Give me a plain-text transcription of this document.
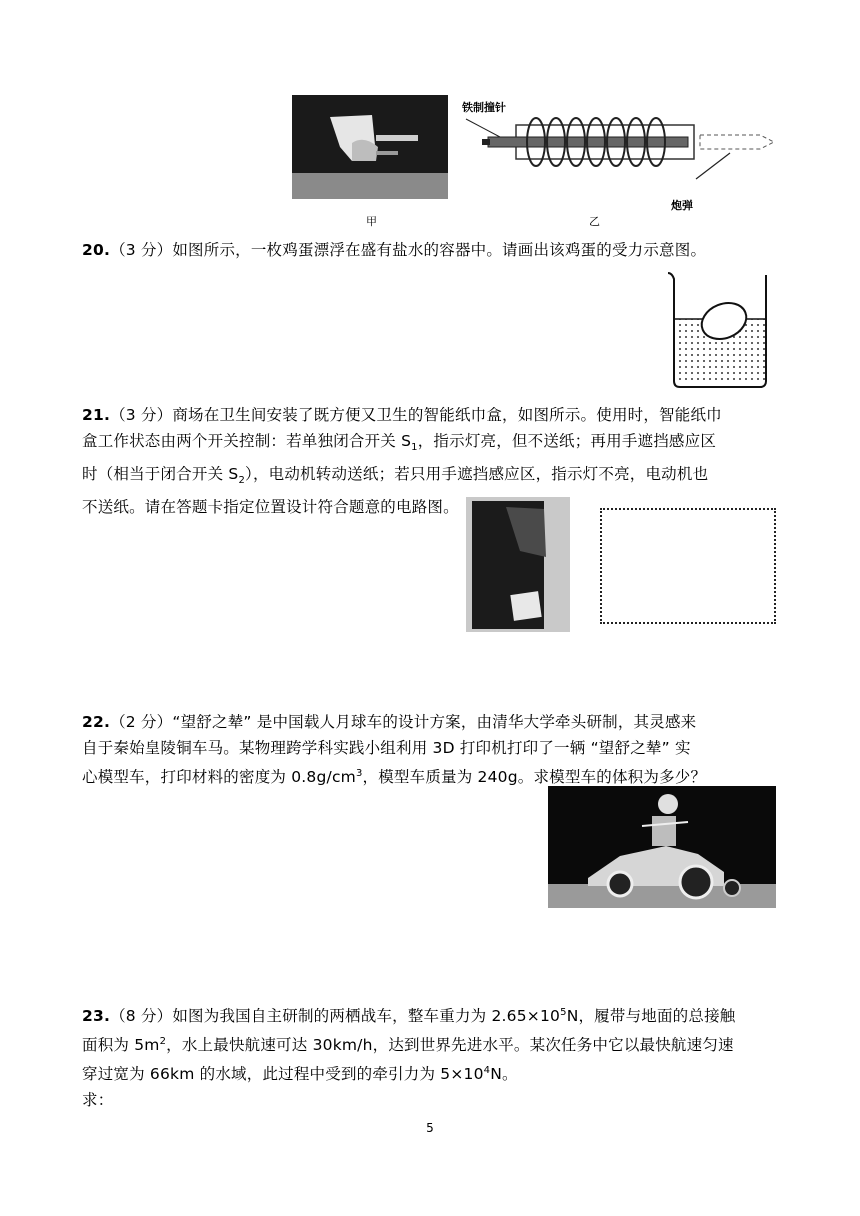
甲
铁制撞针
炮弹
乙
20.（3 分）如图所示，一枚鸡蛋漂浮在盛有盐水的容器中。请画出该鸡蛋的受力示意图。
21.（3 分）商场在卫生间安装了既方便又卫生的智能纸巾盒，如图所示。使用时，智能纸巾
盒工作状态由两个开关控制：若单独闭合开关 $S_1$，指示灯亮，但不送纸；再用手遮挡感应区
时（相当于闭合开关 $S_2$），电动机转动送纸；若只用手遮挡感应区，指示灯不亮，电动机也
不送纸。请在答题卡指定位置设计符合题意的电路图。
22.（2 分）“望舒之辇” 是中国载人月球车的设计方案，由清华大学牵头研制，其灵感来
自于秦始皇陵铜车马。某物理跨学科实践小组利用 3D 打印机打印了一辆 “望舒之辇” 实
心模型车，打印材料的密度为 $0.8g/cm^3$，模型车质量为 240g。求模型车的体积为多少？
23.（8 分）如图为我国自主研制的两栖战车，整车重力为 $2.65\times 10^5N$，履带与地面的总接触
面积为 $5m^2$，水上最快航速可达 30km/h，达到世界先进水平。某次任务中它以最快航速匀速
穿过宽为 66km 的水域，此过程中受到的牵引力为 $5\times 10^4N$。
求：
5
